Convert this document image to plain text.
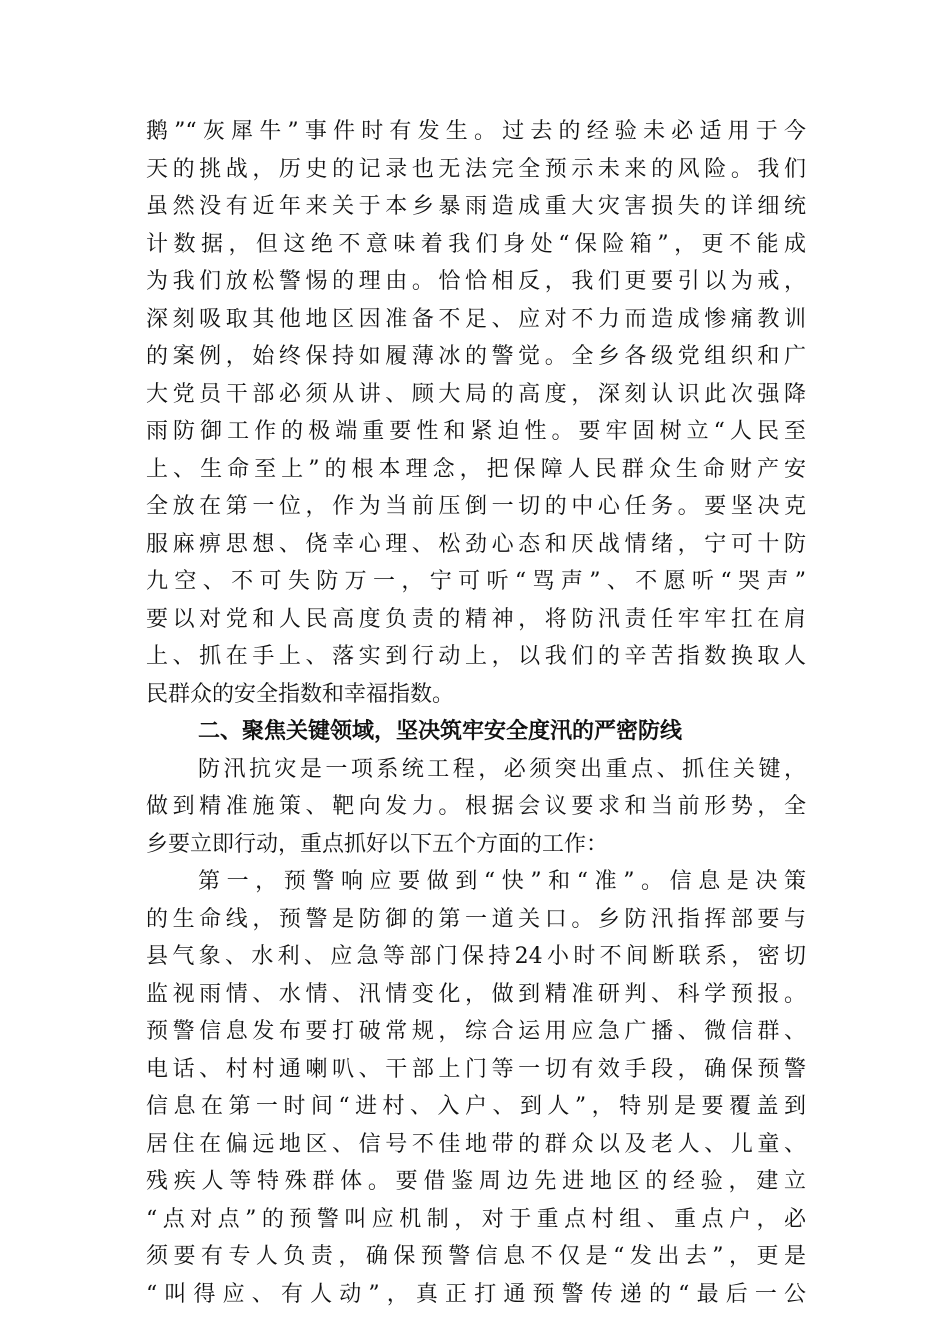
鹅”“灰犀牛”事件时有发生。过去的经验未必适用于今
天的挑战，历史的记录也无法完全预示未来的风险。我们
虽然没有近年来关于本乡暴雨造成重大灾害损失的详细统
计数据，但这绝不意味着我们身处“保险箱”，更不能成
为我们放松警惕的理由。恰恰相反，我们更要引以为戒，
深刻吸取其他地区因准备不足、应对不力而造成惨痛教训
的案例，始终保持如履薄冰的警觉。全乡各级党组织和广
大党员干部必须从讲、顾大局的高度，深刻认识此次强降
雨防御工作的极端重要性和紧迫性。要牢固树立“人民至
上、生命至上”的根本理念，把保障人民群众生命财产安
全放在第一位，作为当前压倒一切的中心任务。要坚决克
服麻痹思想、侥幸心理、松劲心态和厌战情绪，宁可十防
九空、不可失防万一，宁可听“骂声”、不愿听“哭声”
要以对党和人民高度负责的精神，将防汛责任牢牢扛在肩
上、抓在手上、落实到行动上，以我们的辛苦指数换取人
民群众的安全指数和幸福指数。
二、聚焦关键领域，坚决筑牢安全度汛的严密防线
防汛抗灾是一项系统工程，必须突出重点、抓住关键，
做到精准施策、靶向发力。根据会议要求和当前形势，全
乡要立即行动，重点抓好以下五个方面的工作：
第一，预警响应要做到“快”和“准”。信息是决策
的生命线，预警是防御的第一道关口。乡防汛指挥部要与
县气象、水利、应急等部门保持24小时不间断联系，密切
监视雨情、水情、汛情变化，做到精准研判、科学预报。
预警信息发布要打破常规，综合运用应急广播、微信群、
电话、村村通喇叭、干部上门等一切有效手段，确保预警
信息在第一时间“进村、入户、到人”，特别是要覆盖到
居住在偏远地区、信号不佳地带的群众以及老人、儿童、
残疾人等特殊群体。要借鉴周边先进地区的经验，建立
“点对点”的预警叫应机制，对于重点村组、重点户，必
须要有专人负责，确保预警信息不仅是“发出去”，更是
“叫得应、有人动”，真正打通预警传递的“最后一公
